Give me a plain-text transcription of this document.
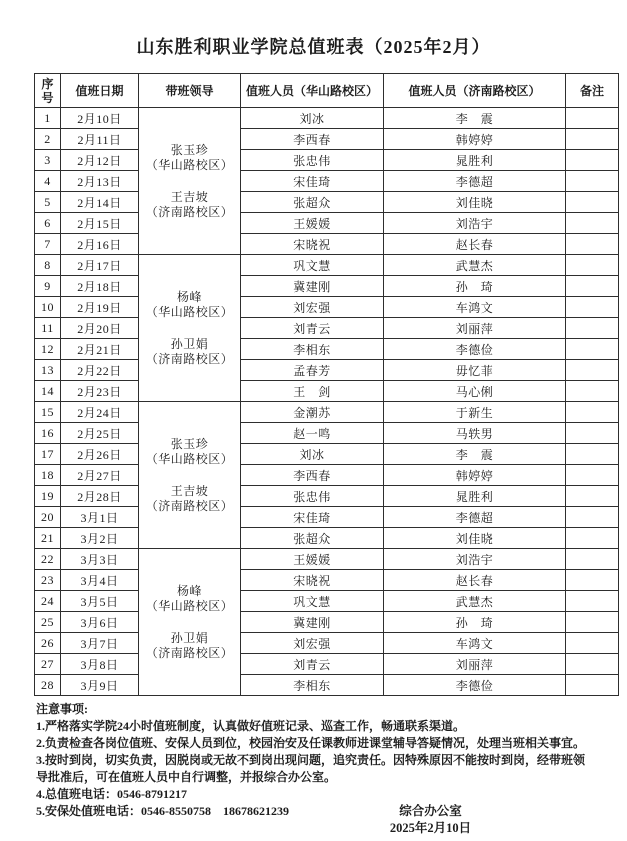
山东胜利职业学院总值班表（2025年2月）
序号	值班日期	带班领导	值班人员（华山路校区）	值班人员（济南路校区）	备注
1	2月10日	张玉珍
（华山路校区）
王吉坡
（济南路校区）	刘冰	李　震	
2	2月11日		李西春	韩婷婷	
3	2月12日		张忠伟	晁胜利	
4	2月13日		宋佳琦	李德超	
5	2月14日		张超众	刘佳晓	
6	2月15日		王媛媛	刘浩宇	
7	2月16日		宋晓祝	赵长春	
8	2月17日	杨峰
（华山路校区）
孙卫娟
（济南路校区）	巩文慧	武慧杰	
9	2月18日		冀建刚	孙　琦	
10	2月19日		刘宏强	车鸿文	
11	2月20日		刘青云	刘丽萍	
12	2月21日		李相东	李德俭	
13	2月22日		孟春芳	毋忆菲	
14	2月23日		王　剑	马心俐	
15	2月24日	张玉珍
（华山路校区）
王吉坡
（济南路校区）	金潮苏	于新生	
16	2月25日		赵一鸣	马轶男	
17	2月26日		刘冰	李　震	
18	2月27日		李西春	韩婷婷	
19	2月28日		张忠伟	晁胜利	
20	3月1日		宋佳琦	李德超	
21	3月2日		张超众	刘佳晓	
22	3月3日	杨峰
（华山路校区）
孙卫娟
（济南路校区）	王媛媛	刘浩宇	
23	3月4日		宋晓祝	赵长春	
24	3月5日		巩文慧	武慧杰	
25	3月6日		冀建刚	孙　琦	
26	3月7日		刘宏强	车鸿文	
27	3月8日		刘青云	刘丽萍	
28	3月9日		李相东	李德俭	
注意事项:
1.严格落实学院24小时值班制度，认真做好值班记录、巡查工作，畅通联系渠道。
2.负责检查各岗位值班、安保人员到位，校园治安及任课教师进课堂辅导答疑情况，处理当班相关事宜。
3.按时到岗，切实负责，因脱岗或无故不到岗出现问题，追究责任。因特殊原因不能按时到岗，经带班领导批准后，可在值班人员中自行调整，并报综合办公室。
4.总值班电话：0546-8791217
5.安保处值班电话：0546-8550758    18678621239	综合办公室
2025年2月10日
